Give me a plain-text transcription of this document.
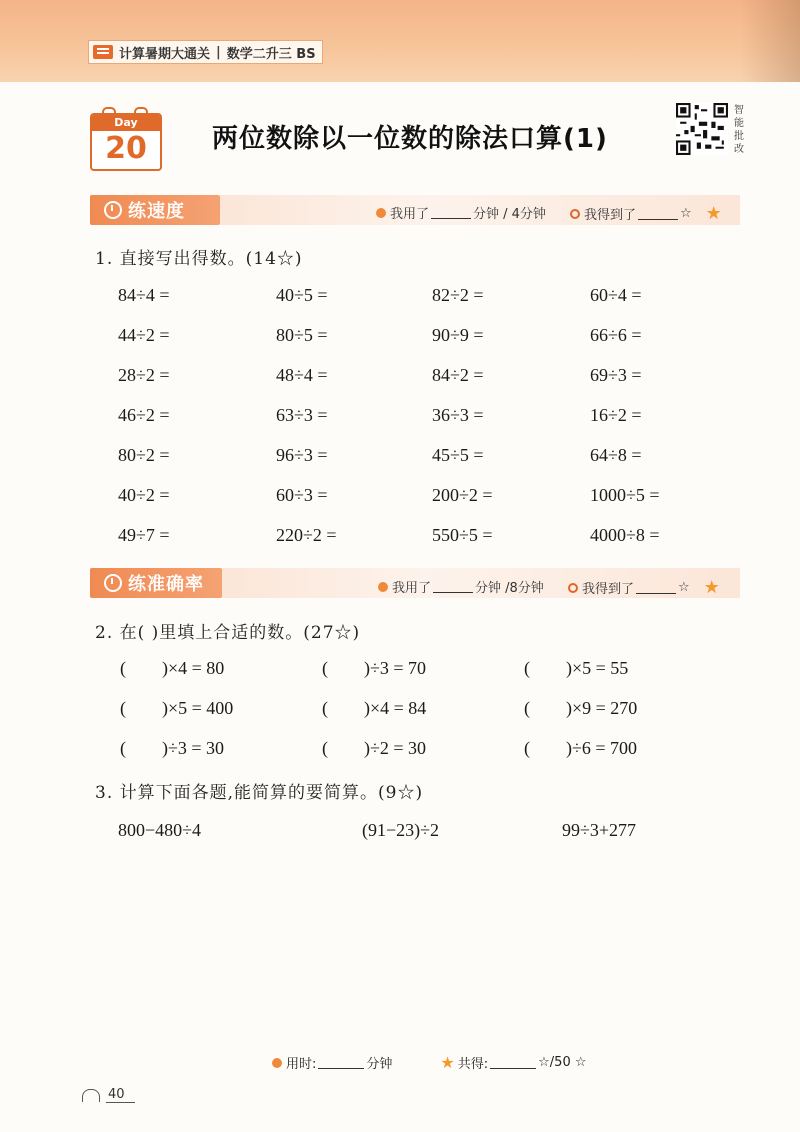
计算暑期大通关 | 数学二升三 BS
Day
20	两位数除以一位数的除法口算(1)
智能批改
练速度	我用了	分钟 / 4分钟	我得到了	☆ ★
1. 直接写出得数。(14☆)
84÷4 =	40÷5 =	82÷2 =	60÷4 =
44÷2 =	80÷5 =	90÷9 =	66÷6 =
28÷2 =	48÷4 =	84÷2 =	69÷3 =
46÷2 =	63÷3 =	36÷3 =	16÷2 =
80÷2 =	96÷3 =	45÷5 =	64÷8 =
40÷2 =	60÷3 =	200÷2 =	1000÷5 =
49÷7 =	220÷2 =	550÷5 =	4000÷8 =
练准确率	我用了	分钟 /8分钟	我得到了	☆ ★
2. 在( )里填上合适的数。(27☆)
(        )×4 = 80	(        )÷3 = 70	(        )×5 = 55
(        )×5 = 400	(        )×4 = 84	(        )×9 = 270
(        )÷3 = 30	(        )÷2 = 30	(        )÷6 = 700
3. 计算下面各题,能简算的要简算。(9☆)
800−480÷4	(91−23)÷2	99÷3+277
用时:	分钟	★ 共得:	☆/50 ☆
40
